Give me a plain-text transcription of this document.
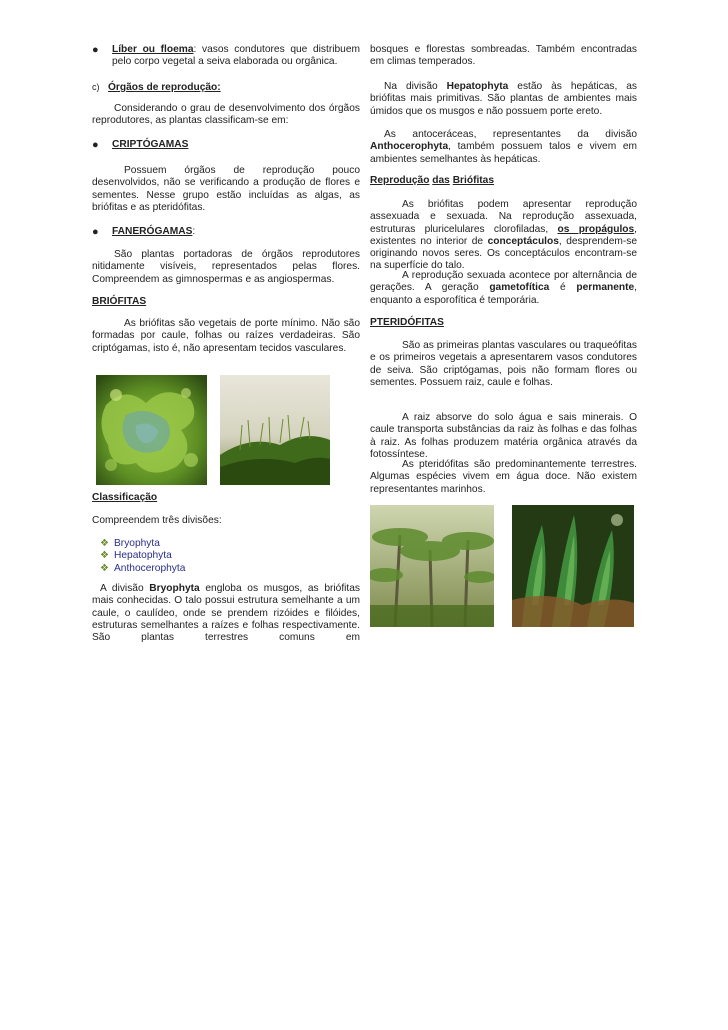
● Líber ou floema: vasos condutores que distribuem pelo corpo vegetal a seiva elaborada ou orgânica.
c) Órgãos de reprodução:
Considerando o grau de desenvolvimento dos órgãos reprodutores, as plantas classificam-se em:
● CRIPTÓGAMAS
Possuem órgãos de reprodução pouco desenvolvidos, não se verificando a produção de flores e sementes. Nesse grupo estão incluídas as algas, as briófitas e as pteridófitas.
● FANERÓGAMAS:
São plantas portadoras de órgãos reprodutores nitidamente visíveis, representados pelas flores. Compreendem as gimnospermas e as angiospermas.
BRIÓFITAS
As briófitas são vegetais de porte mínimo. Não são formadas por caule, folhas ou raízes verdadeiras. São criptógamas, isto é, não apresentam tecidos vasculares.
Classificação
Compreendem três divisões:
❖ Bryophyta
❖ Hepatophyta
❖ Anthocerophyta
A divisão Bryophyta engloba os musgos, as briófitas mais conhecidas. O talo possui estrutura semelhante a um caule, o caulídeo, onde se prendem rizóides e filóides, estruturas semelhantes a raízes e folhas respectivamente. São plantas terrestres comuns em
bosques e florestas sombreadas. Também encontradas em climas temperados.
Na divisão Hepatophyta estão às hepáticas, as briófitas mais primitivas. São plantas de ambientes mais úmidos que os musgos e não possuem porte ereto.
As antoceráceas, representantes da divisão Anthocerophyta, também possuem talos e vivem em ambientes semelhantes às hepáticas.
Reprodução das Briófitas
As briófitas podem apresentar reprodução assexuada e sexuada. Na reprodução assexuada, estruturas pluricelulares clorofiladas, os propágulos, existentes no interior de conceptáculos, desprendem-se originando novos seres. Os conceptáculos encontram-se na superfície do talo.
A reprodução sexuada acontece por alternância de gerações. A geração gametofítica é permanente, enquanto a esporofítica é temporária.
PTERIDÓFITAS
São as primeiras plantas vasculares ou traqueófitas e os primeiros vegetais a apresentarem vasos condutores de seiva. São criptógamas, pois não formam flores ou sementes. Possuem raiz, caule e folhas.
A raiz absorve do solo água e sais minerais. O caule transporta substâncias da raiz às folhas e das folhas à raiz. As folhas produzem matéria orgânica através da fotossíntese.
As pteridófitas são predominantemente terrestres. Algumas espécies vivem em água doce. Não existem representantes marinhos.
